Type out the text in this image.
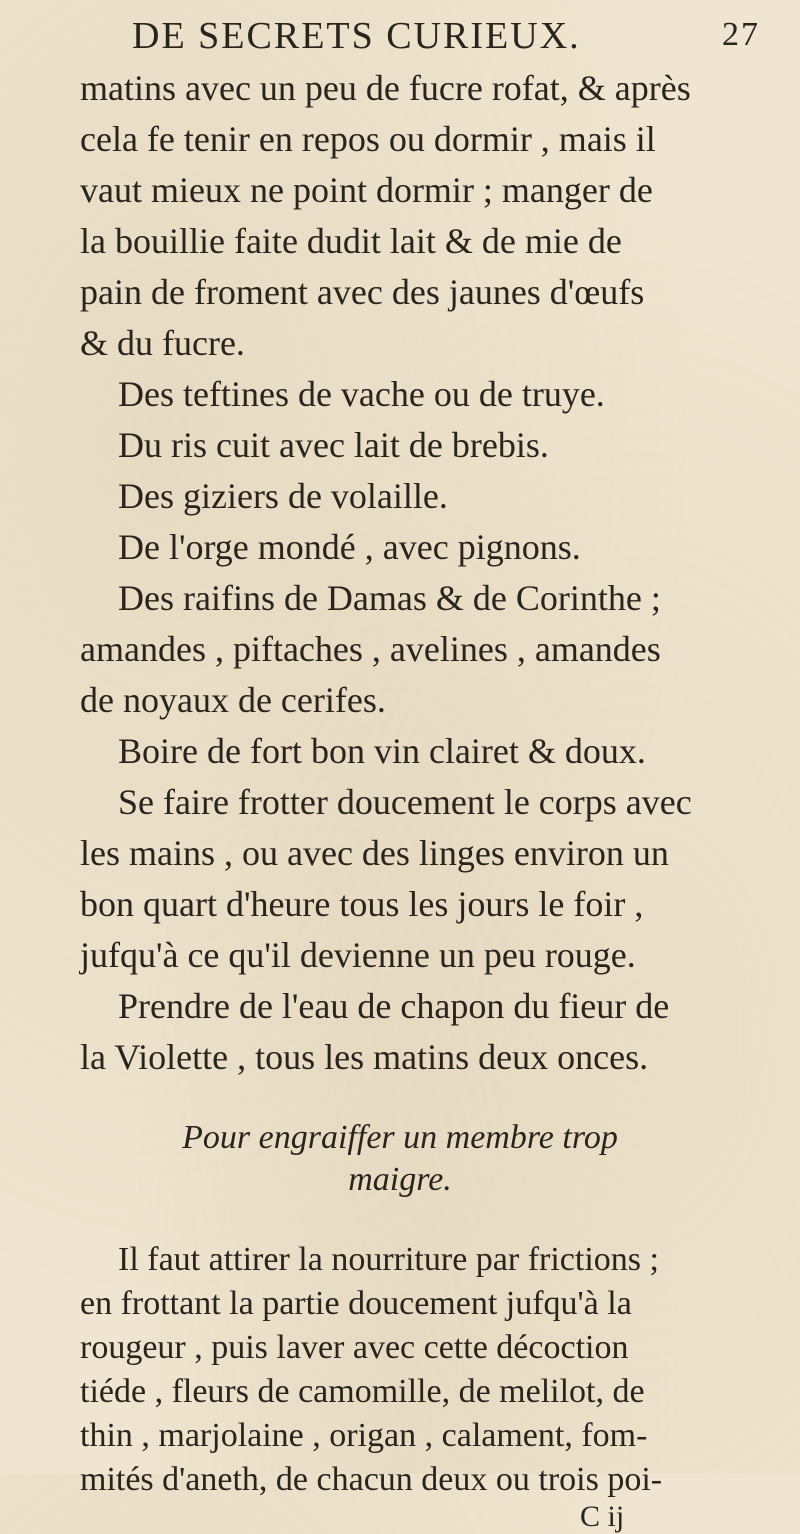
DE SECRETS CURIEUX.	27
matins avec un peu de fucre rofat, & après
cela fe tenir en repos ou dormir , mais il
vaut mieux ne point dormir ; manger de
la bouillie faite dudit lait & de mie de
pain de froment avec des jaunes d'œufs
& du fucre.
Des teftines de vache ou de truye.
Du ris cuit avec lait de brebis.
Des giziers de volaille.
De l'orge mondé , avec pignons.
Des raifins de Damas & de Corinthe ;
amandes , piftaches , avelines , amandes
de noyaux de cerifes.
Boire de fort bon vin clairet & doux.
Se faire frotter doucement le corps avec
les mains , ou avec des linges environ un
bon quart d'heure tous les jours le foir ,
jufqu'à ce qu'il devienne un peu rouge.
Prendre de l'eau de chapon du fieur de
la Violette , tous les matins deux onces.
Pour engraiffer un membre trop
maigre.
Il faut attirer la nourriture par frictions ;
en frottant la partie doucement jufqu'à la
rougeur , puis laver avec cette décoction
tiéde , fleurs de camomille, de melilot, de
thin , marjolaine , origan , calament, fom-
mités d'aneth, de chacun deux ou trois poi-
C ij
